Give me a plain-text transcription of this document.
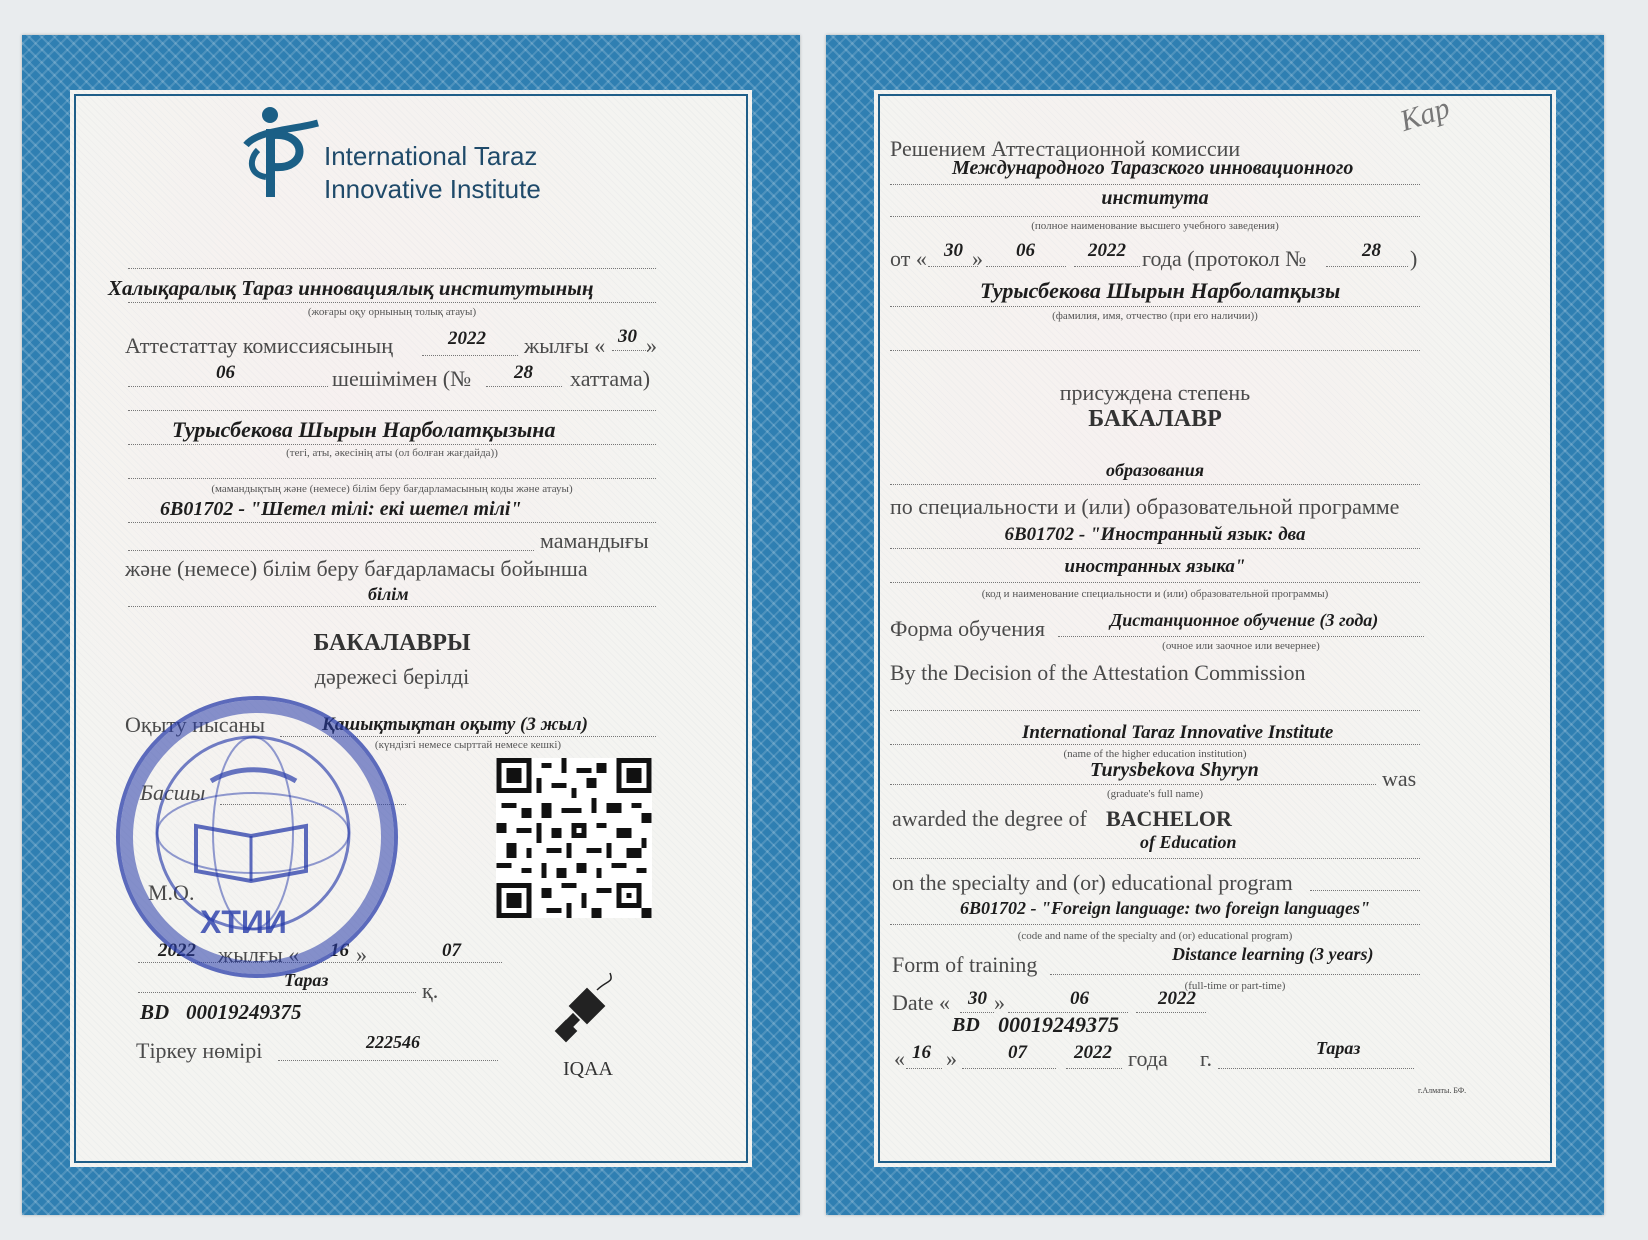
International Taraz
Innovative Institute
Халықаралық Тараз инновациялық институтының
(жоғары оқу орнының толық атауы)
Аттестаттау комиссиясының	2022 жылғы « 30 »
06	шешімімен (№ 28 хаттама)
Турысбекова Шырын Нарболатқызына
(тегі, аты, әкесінің аты (ол болған жағдайда))
(мамандықтың және (немесе) білім беру бағдарламасының коды және атауы)
6B01702 - "Шетел тілі: екі шетел тілі"
мамандығы
және (немесе) білім беру бағдарламасы бойынша
білім
БАКАЛАВРЫ
дәрежесі берілді
Оқыту нысаны	Қашықтықтан оқыту (3 жыл)
(күндізгі немесе сырттай немесе кешкі)
Басшы
М.О.
2022 жылғы « 16 »	07
Тараз	қ.
BD 00019249375
Тіркеу нөмірі	222546
IQAA
ХТИИ
Решением Аттестационной комиссии
Международного Таразского инновационного
института
(полное наименование высшего учебного заведения)
от « 30 » 06	2022 года (протокол №	28 )
Турысбекова Шырын Нарболатқызы
(фамилия, имя, отчество (при его наличии))
присуждена степень
БАКАЛАВР
образования
по специальности и (или) образовательной программе
6B01702 - "Иностранный язык: два
иностранных языка"
(код и наименование специальности и (или) образовательной программы)
Форма обучения	Дистанционное обучение (3 года)
(очное или заочное или вечернее)
By the Decision of the Attestation Commission
International Taraz Innovative Institute
(name of the higher education institution)
Turysbekova Shyryn	was
(graduate's full name)
awarded the degree of BACHELOR
of Education
on the specialty and (or) educational program
6B01702 - "Foreign language: two foreign languages"
(code and name of the specialty and (or) educational program)
Form of training	Distance learning (3 years)
(full-time or part-time)
Date « 30 »	06	2022
BD 00019249375
« 16 »	07 2022 года г.	Тараз
г.Алматы. БФ.
Кар
